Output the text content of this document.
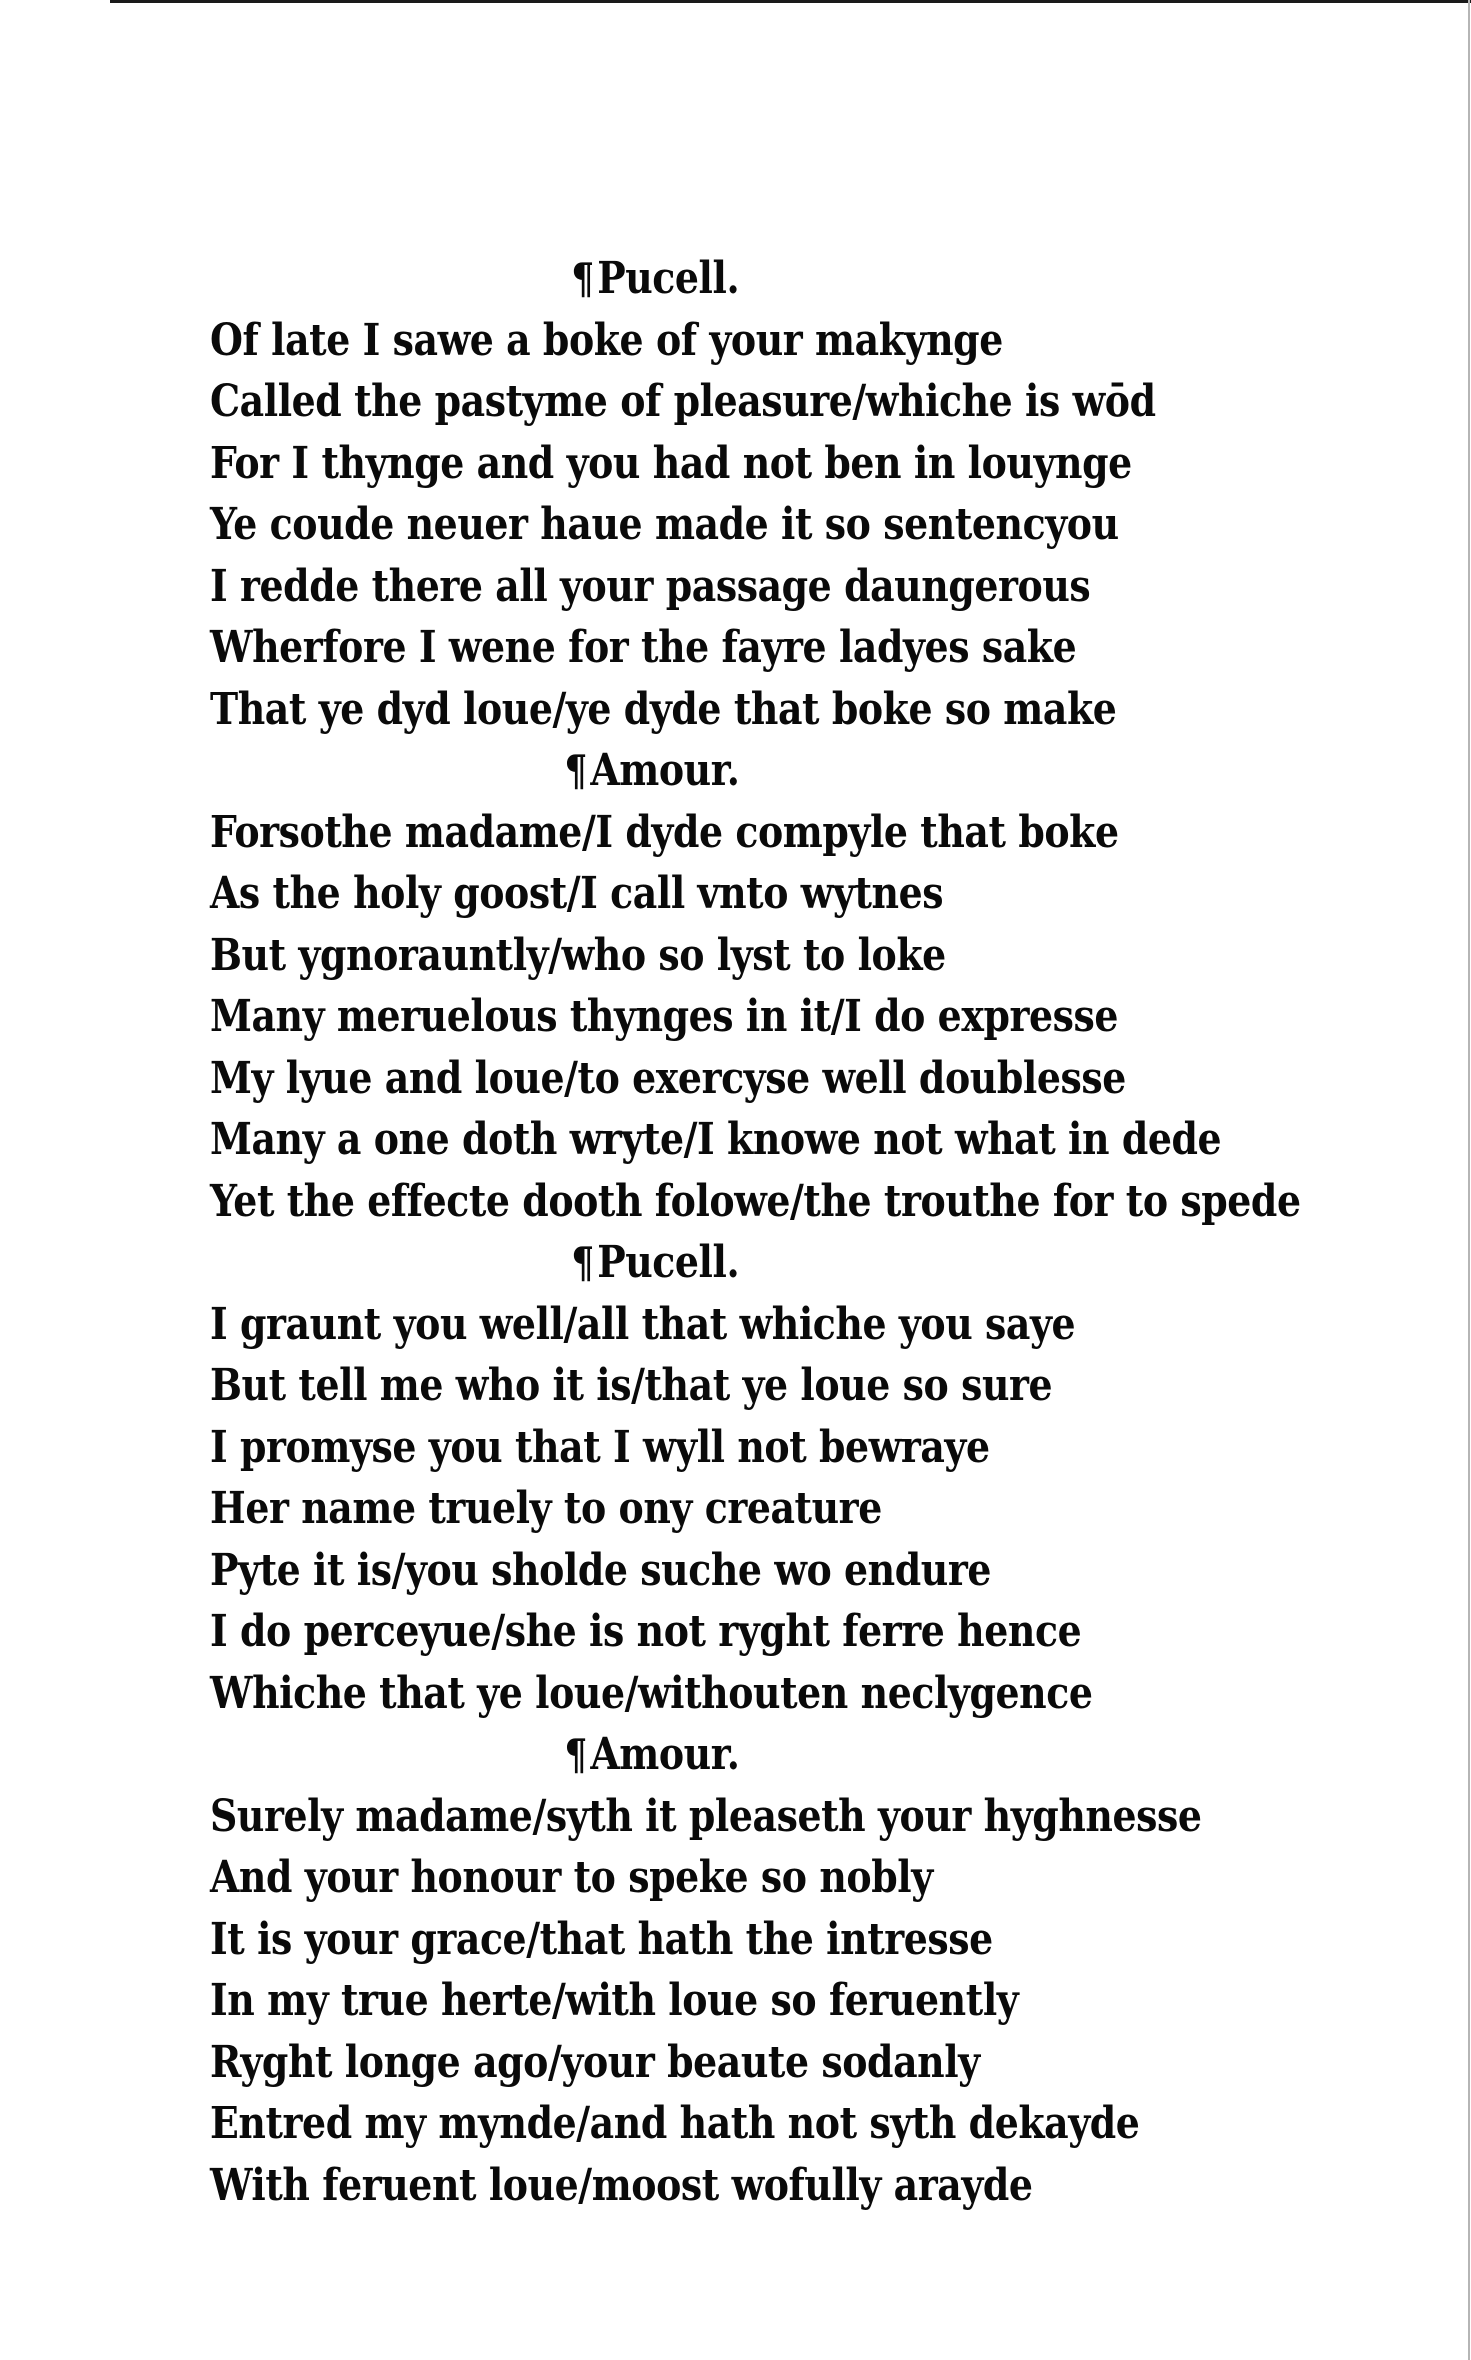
¶Pucell.
Of late I sawe a boke of your makynge
Called the pastyme of pleasure/whiche is wōd
For I thynge and you had not ben in louynge
Ye coude neuer haue made it so sentencyou
I redde there all your passage daungerous
Wherfore I wene for the fayre ladyes sake
That ye dyd loue/ye dyde that boke so make
¶Amour.
Forsothe madame/I dyde compyle that boke
As the holy goost/I call vnto wytnes
But ygnorauntly/who so lyst to loke
Many meruelous thynges in it/I do expresse
My lyue and loue/to exercyse well doublesse
Many a one doth wryte/I knowe not what in dede
Yet the effecte dooth folowe/the trouthe for to spede
¶Pucell.
I graunt you well/all that whiche you saye
But tell me who it is/that ye loue so sure
I promyse you that I wyll not bewraye
Her name truely to ony creature
Pyte it is/you sholde suche wo endure
I do perceyue/she is not ryght ferre hence
Whiche that ye loue/withouten neclygence
¶Amour.
Surely madame/syth it pleaseth your hyghnesse
And your honour to speke so nobly
It is your grace/that hath the intresse
In my true herte/with loue so feruently
Ryght longe ago/your beaute sodanly
Entred my mynde/and hath not syth dekayde
With feruent loue/moost wofully arayde
